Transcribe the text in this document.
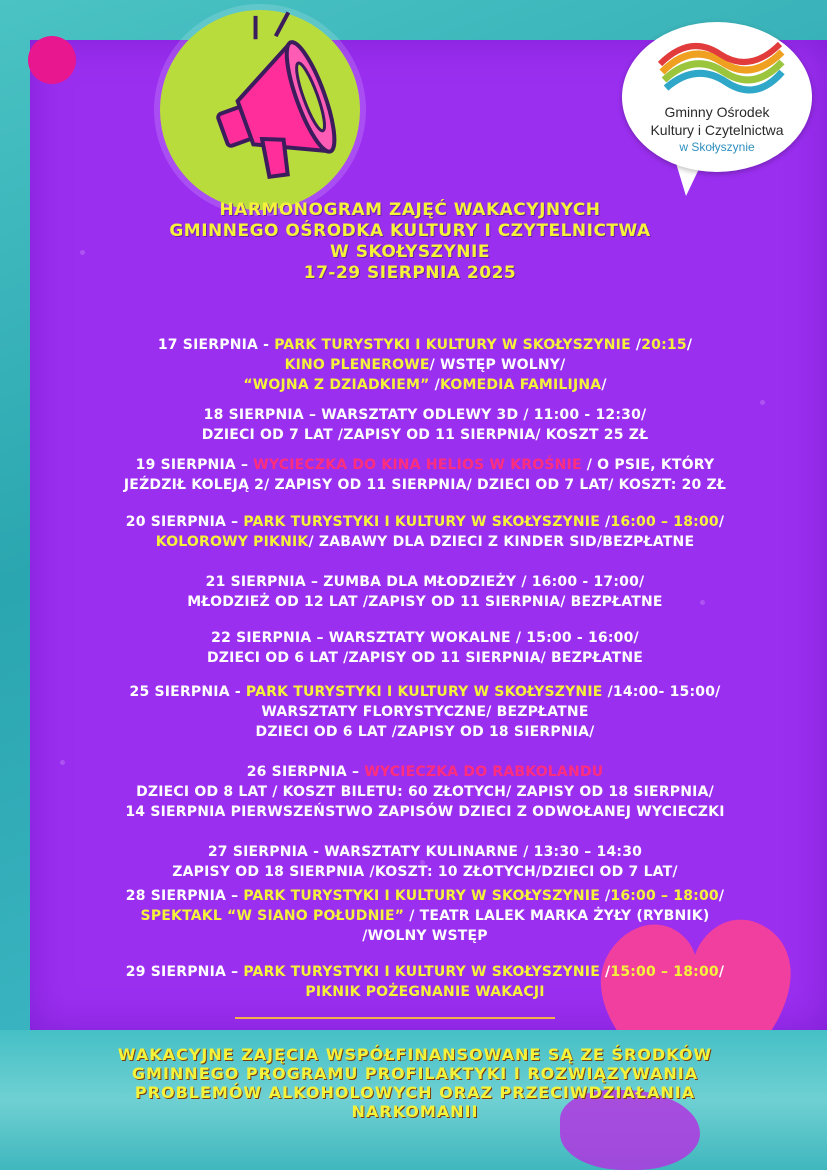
Gminny Ośrodek
Kultury i Czytelnictwa
w Skołyszynie
HARMONOGRAM ZAJĘĆ WAKACYJNYCH
GMINNEGO OŚRODKA KULTURY I CZYTELNICTWA
W SKOŁYSZYNIE
17-29 SIERPNIA 2025
17 SIERPNIA - PARK TURYSTYKI I KULTURY W SKOŁYSZYNIE /20:15/
KINO PLENEROWE/ WSTĘP WOLNY/
“WOJNA Z DZIADKIEM” /KOMEDIA FAMILIJNA/
18 SIERPNIA – WARSZTATY ODLEWY 3D / 11:00 - 12:30/
DZIECI OD 7 LAT /ZAPISY OD 11 SIERPNIA/ KOSZT 25 ZŁ
19 SIERPNIA – WYCIECZKA DO KINA HELIOS W KROŚNIE / O PSIE, KTÓRY
JEŹDZIŁ KOLEJĄ 2/ ZAPISY OD 11 SIERPNIA/ DZIECI OD 7 LAT/ KOSZT: 20 ZŁ
20 SIERPNIA – PARK TURYSTYKI I KULTURY W SKOŁYSZYNIE /16:00 – 18:00/
KOLOROWY PIKNIK/ ZABAWY DLA DZIECI Z KINDER SID/BEZPŁATNE
21 SIERPNIA – ZUMBA DLA MŁODZIEŻY / 16:00 - 17:00/
MŁODZIEŻ OD 12 LAT /ZAPISY OD 11 SIERPNIA/ BEZPŁATNE
22 SIERPNIA – WARSZTATY WOKALNE / 15:00 - 16:00/
DZIECI OD 6 LAT /ZAPISY OD 11 SIERPNIA/ BEZPŁATNE
25 SIERPNIA - PARK TURYSTYKI I KULTURY W SKOŁYSZYNIE /14:00- 15:00/
WARSZTATY FLORYSTYCZNE/ BEZPŁATNE
DZIECI OD 6 LAT /ZAPISY OD 18 SIERPNIA/
26 SIERPNIA – WYCIECZKA DO RABKOLANDU
DZIECI OD 8 LAT / KOSZT BILETU: 60 ZŁOTYCH/ ZAPISY OD 18 SIERPNIA/
14 SIERPNIA PIERWSZEŃSTWO ZAPISÓW DZIECI Z ODWOŁANEJ WYCIECZKI
27 SIERPNIA - WARSZTATY KULINARNE / 13:30 – 14:30
ZAPISY OD 18 SIERPNIA /KOSZT: 10 ZŁOTYCH/DZIECI OD 7 LAT/
28 SIERPNIA – PARK TURYSTYKI I KULTURY W SKOŁYSZYNIE /16:00 – 18:00/
SPEKTAKL “W SIANO POŁUDNIE” / TEATR LALEK MARKA ŻYŁY (RYBNIK)
/WOLNY WSTĘP
29 SIERPNIA – PARK TURYSTYKI I KULTURY W SKOŁYSZYNIE /15:00 – 18:00/
PIKNIK POŻEGNANIE WAKACJI
WAKACYJNE ZAJĘCIA WSPÓŁFINANSOWANE SĄ ZE ŚRODKÓW
GMINNEGO PROGRAMU PROFILAKTYKI I ROZWIĄZYWANIA
PROBLEMÓW ALKOHOLOWYCH ORAZ PRZECIWDZIAŁANIA
NARKOMANII
